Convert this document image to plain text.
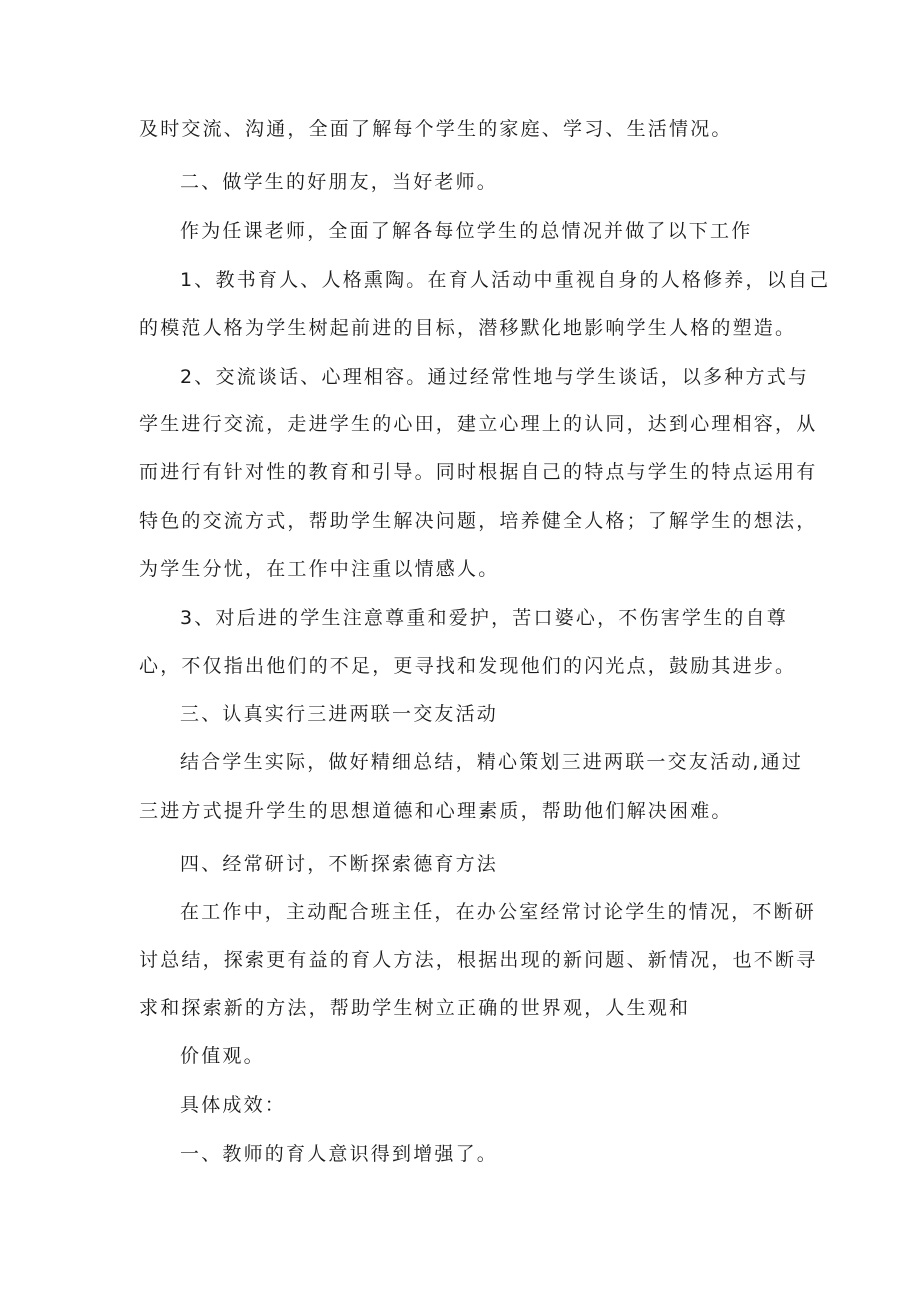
及时交流、沟通，全面了解每个学生的家庭、学习、生活情况。

二、做学生的好朋友，当好老师。

作为任课老师，全面了解各每位学生的总情况并做了以下工作

1、教书育人、人格熏陶。在育人活动中重视自身的人格修养，以自己

的模范人格为学生树起前进的目标，潜移默化地影响学生人格的塑造。

2、交流谈话、心理相容。通过经常性地与学生谈话，以多种方式与

学生进行交流，走进学生的心田，建立心理上的认同，达到心理相容，从

而进行有针对性的教育和引导。同时根据自己的特点与学生的特点运用有

特色的交流方式，帮助学生解决问题，培养健全人格；了解学生的想法，

为学生分忧，在工作中注重以情感人。

3、对后进的学生注意尊重和爱护，苦口婆心，不伤害学生的自尊

心，不仅指出他们的不足，更寻找和发现他们的闪光点，鼓励其进步。

三、认真实行三进两联一交友活动

结合学生实际，做好精细总结，精心策划三进两联一交友活动,通过

三进方式提升学生的思想道德和心理素质，帮助他们解决困难。

四、经常研讨，不断探索德育方法

在工作中，主动配合班主任，在办公室经常讨论学生的情况，不断研

讨总结，探索更有益的育人方法，根据出现的新问题、新情况，也不断寻

求和探索新的方法，帮助学生树立正确的世界观，人生观和

价值观。

具体成效：

一、教师的育人意识得到增强了。
